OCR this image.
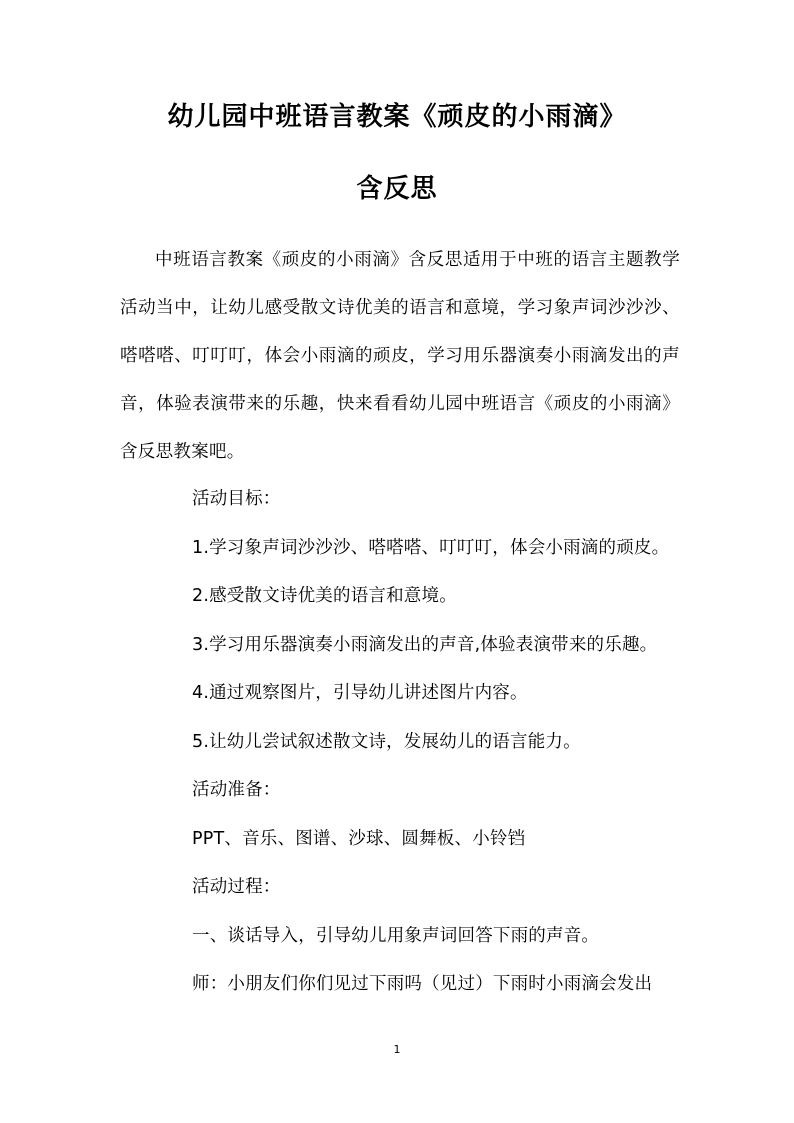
幼儿园中班语言教案《顽皮的小雨滴》
含反思

中班语言教案《顽皮的小雨滴》含反思适用于中班的语言主题教学活动当中，让幼儿感受散文诗优美的语言和意境，学习象声词沙沙沙、嗒嗒嗒、叮叮叮，体会小雨滴的顽皮，学习用乐器演奏小雨滴发出的声音，体验表演带来的乐趣，快来看看幼儿园中班语言《顽皮的小雨滴》含反思教案吧。

活动目标：

1.学习象声词沙沙沙、嗒嗒嗒、叮叮叮，体会小雨滴的顽皮。

2.感受散文诗优美的语言和意境。

3.学习用乐器演奏小雨滴发出的声音,体验表演带来的乐趣。

4.通过观察图片，引导幼儿讲述图片内容。

5.让幼儿尝试叙述散文诗，发展幼儿的语言能力。

活动准备：

PPT、音乐、图谱、沙球、圆舞板、小铃铛

活动过程：

一、谈话导入，引导幼儿用象声词回答下雨的声音。

师：小朋友们你们见过下雨吗（见过）下雨时小雨滴会发出

1
